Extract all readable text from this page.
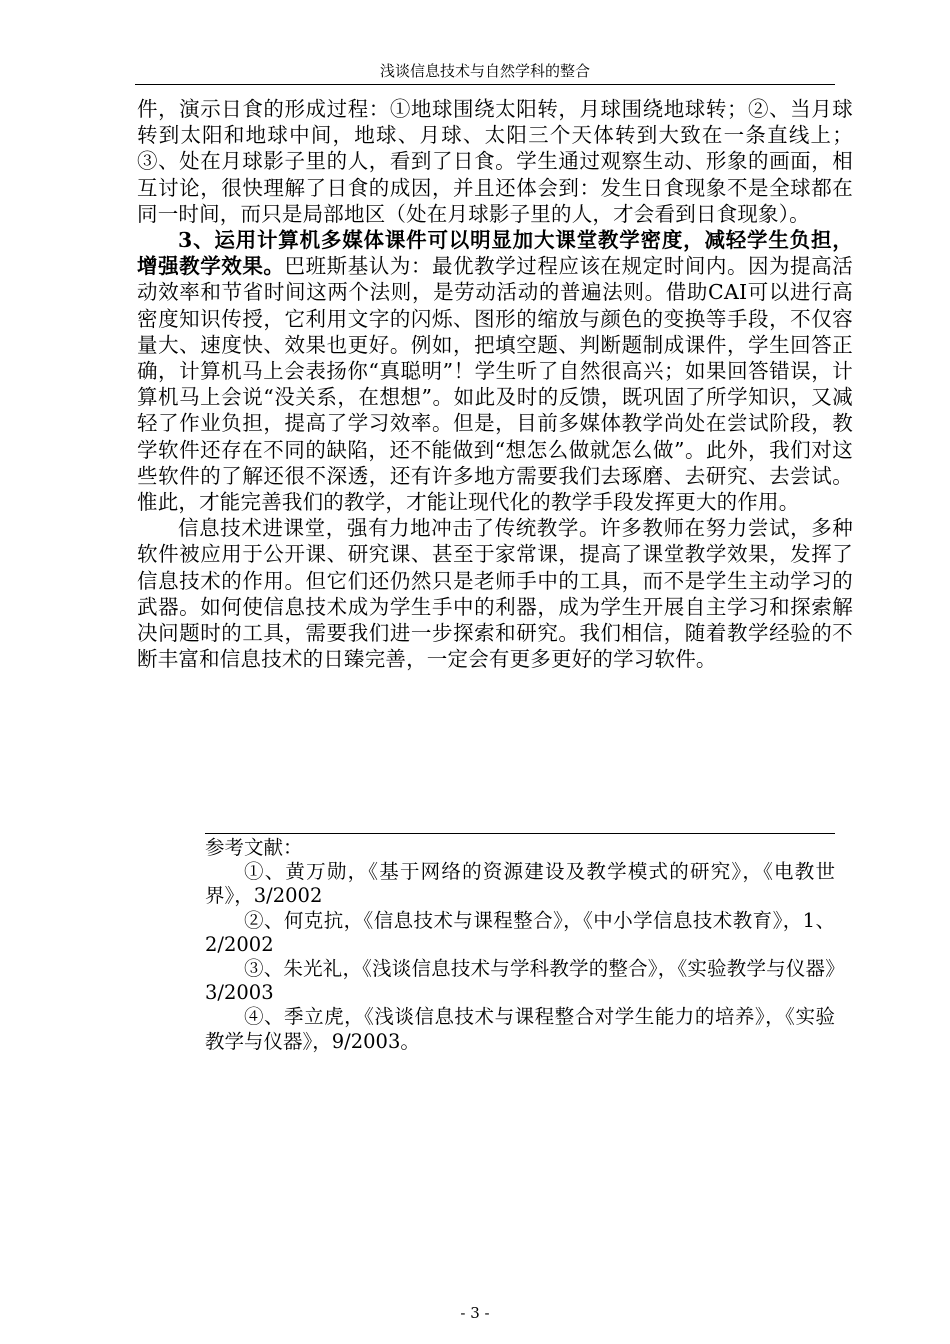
浅谈信息技术与自然学科的整合

件，演示日食的形成过程：①地球围绕太阳转，月球围绕地球转；②、当月球转到太阳和地球中间，地球、月球、太阳三个天体转到大致在一条直线上；③、处在月球影子里的人，看到了日食。学生通过观察生动、形象的画面，相互讨论，很快理解了日食的成因，并且还体会到：发生日食现象不是全球都在同一时间，而只是局部地区（处在月球影子里的人，才会看到日食现象）。

3、运用计算机多媒体课件可以明显加大课堂教学密度，减轻学生负担，增强教学效果。巴班斯基认为：最优教学过程应该在规定时间内。因为提高活动效率和节省时间这两个法则，是劳动活动的普遍法则。借助CAI可以进行高密度知识传授，它利用文字的闪烁、图形的缩放与颜色的变换等手段，不仅容量大、速度快、效果也更好。例如，把填空题、判断题制成课件，学生回答正确，计算机马上会表扬你“真聪明”！学生听了自然很高兴；如果回答错误，计算机马上会说“没关系，在想想”。如此及时的反馈，既巩固了所学知识，又减轻了作业负担，提高了学习效率。但是，目前多媒体教学尚处在尝试阶段，教学软件还存在不同的缺陷，还不能做到“想怎么做就怎么做”。此外，我们对这些软件的了解还很不深透，还有许多地方需要我们去琢磨、去研究、去尝试。惟此，才能完善我们的教学，才能让现代化的教学手段发挥更大的作用。

信息技术进课堂，强有力地冲击了传统教学。许多教师在努力尝试，多种软件被应用于公开课、研究课、甚至于家常课，提高了课堂教学效果，发挥了信息技术的作用。但它们还仍然只是老师手中的工具，而不是学生主动学习的武器。如何使信息技术成为学生手中的利器，成为学生开展自主学习和探索解决问题时的工具，需要我们进一步探索和研究。我们相信，随着教学经验的不断丰富和信息技术的日臻完善，一定会有更多更好的学习软件。

参考文献：

①、黄万勋，《基于网络的资源建设及教学模式的研究》，《电教世界》，3/2002

②、何克抗，《信息技术与课程整合》，《中小学信息技术教育》，1、2/2002

③、朱光礼，《浅谈信息技术与学科教学的整合》，《实验教学与仪器》3/2003

④、季立虎，《浅谈信息技术与课程整合对学生能力的培养》，《实验教学与仪器》，9/2003。

- 3 -
